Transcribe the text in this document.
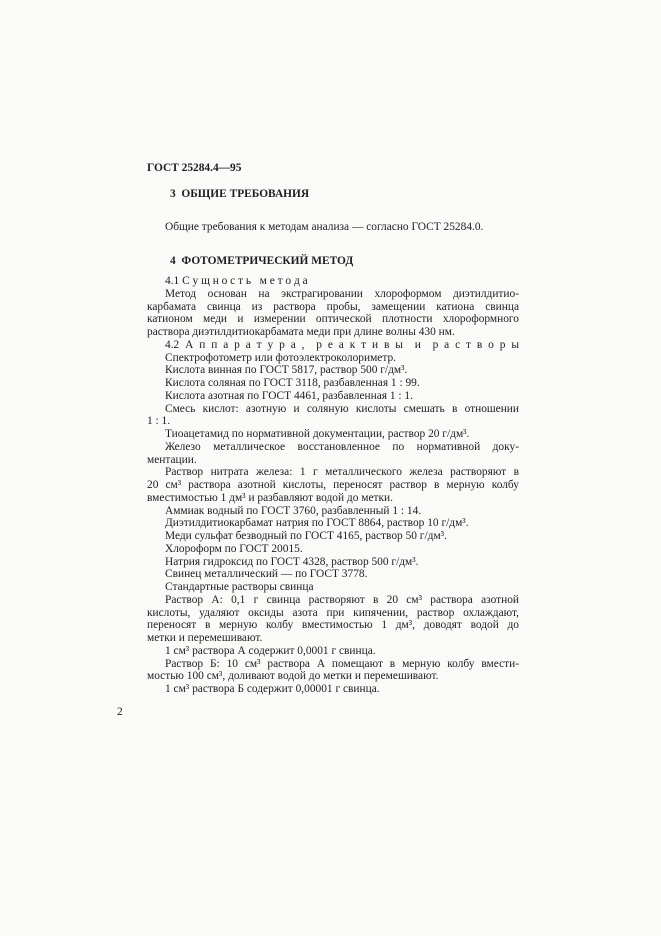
ГОСТ 25284.4—95
3  ОБЩИЕ ТРЕБОВАНИЯ
Общие требования к методам анализа — согласно ГОСТ 25284.0.
4  ФОТОМЕТРИЧЕСКИЙ МЕТОД
4.1 С у щ н о с т ь   м е т о д а
Метод основан на экстрагировании хлороформом диэтилдитио-
карбамата свинца из раствора пробы, замещении катиона свинца
катионом меди и измерении оптической плотности хлороформного
раствора диэтилдитиокарбамата меди при длине волны 430 нм.
4.2 А п п а р а т у р а ,  р е а к т и в ы  и  р а с т в о р ы
Спектрофотометр или фотоэлектроколориметр.
Кислота винная по ГОСТ 5817, раствор 500 г/дм³.
Кислота соляная по ГОСТ 3118, разбавленная 1 : 99.
Кислота азотная по ГОСТ 4461, разбавленная 1 : 1.
Смесь кислот: азотную и соляную кислоты смешать в отношении
1 : 1.
Тиоацетамид по нормативной документации, раствор 20 г/дм³.
Железо металлическое восстановленное по нормативной доку-
ментации.
Раствор нитрата железа: 1 г металлического железа растворяют в
20 см³ раствора азотной кислоты, переносят раствор в мерную колбу
вместимостью 1 дм³ и разбавляют водой до метки.
Аммиак водный по ГОСТ 3760, разбавленный 1 : 14.
Диэтилдитиокарбамат натрия по ГОСТ 8864, раствор 10 г/дм³.
Меди сульфат безводный по ГОСТ 4165, раствор 50 г/дм³.
Хлороформ по ГОСТ 20015.
Натрия гидроксид по ГОСТ 4328, раствор 500 г/дм³.
Свинец металлический — по ГОСТ 3778.
Стандартные растворы свинца
Раствор А: 0,1 г свинца растворяют в 20 см³ раствора азотной
кислоты, удаляют оксиды азота при кипячении, раствор охлаждают,
переносят в мерную колбу вместимостью 1 дм³, доводят водой до
метки и перемешивают.
1 см³ раствора А содержит 0,0001 г свинца.
Раствор Б: 10 см³ раствора А помещают в мерную колбу вмести-
мостью 100 см³, доливают водой до метки и перемешивают.
1 см³ раствора Б содержит 0,00001 г свинца.
2
